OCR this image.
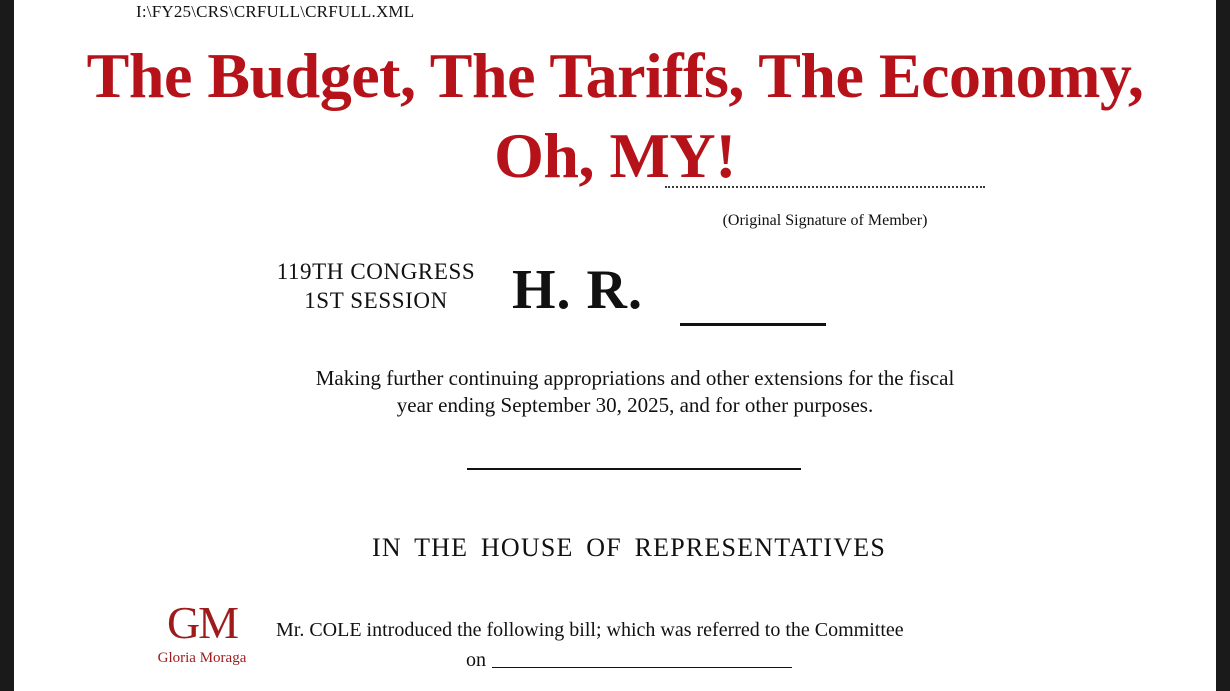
I:\FY25\CRS\CRFULL\CRFULL.XML
(Original Signature of Member)
119TH CONGRESS
1ST SESSION	H. R.
Making further continuing appropriations and other extensions for the fiscal
year ending September 30, 2025, and for other purposes.
IN THE HOUSE OF REPRESENTATIVES
Mr. COLE introduced the following bill; which was referred to the Committee
on
GM
Gloria Moraga
The Budget, The Tariffs, The Economy,
Oh, MY!
